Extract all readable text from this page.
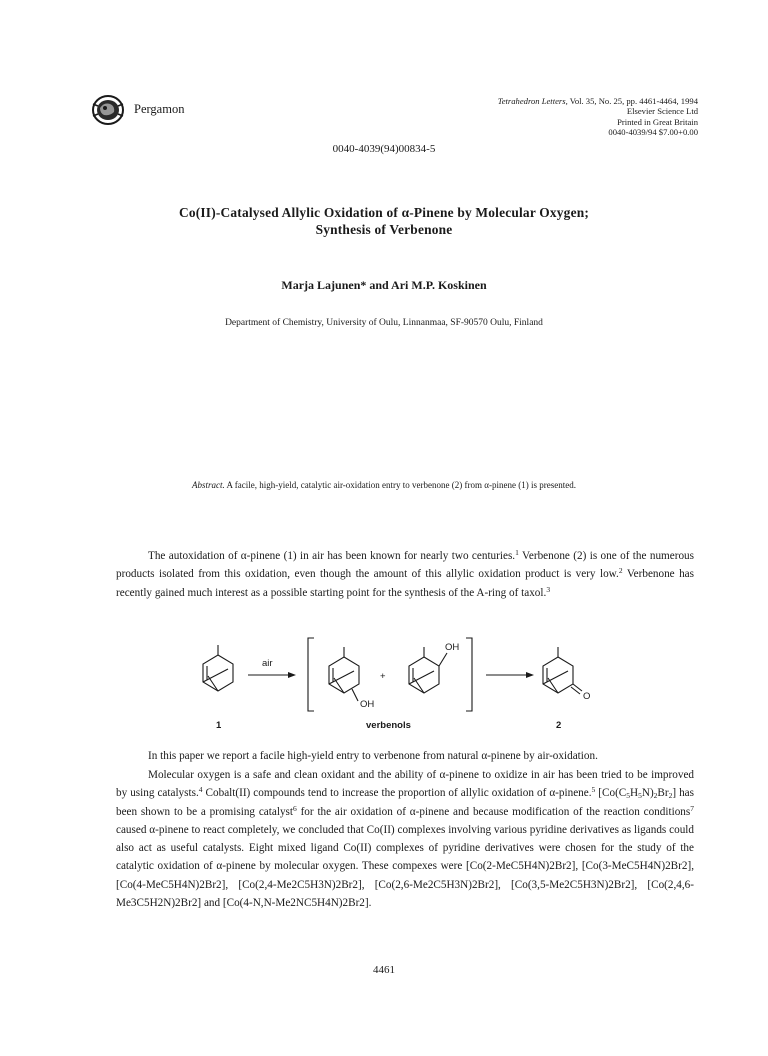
Pergamon
Tetrahedron Letters, Vol. 35, No. 25, pp. 4461-4464, 1994
Elsevier Science Ltd
Printed in Great Britain
0040-4039/94 $7.00+0.00
0040-4039(94)00834-5
Co(II)-Catalysed Allylic Oxidation of α-Pinene by Molecular Oxygen;
Synthesis of Verbenone
Marja Lajunen* and Ari M.P. Koskinen
Department of Chemistry, University of Oulu, Linnanmaa, SF-90570 Oulu, Finland
Abstract. A facile, high-yield, catalytic air-oxidation entry to verbenone (2) from α-pinene (1) is presented.
The autoxidation of α-pinene (1) in air has been known for nearly two centuries.$^1$ Verbenone (2) is one of the numerous products isolated from this oxidation, even though the amount of this allylic oxidation product is very low.$^2$ Verbenone has recently gained much interest as a possible starting point for the synthesis of the A-ring of taxol.$^3$
air
OH
+
OH
O
1	verbenols	2
In this paper we report a facile high-yield entry to verbenone from natural α-pinene by air-oxidation.
Molecular oxygen is a safe and clean oxidant and the ability of α-pinene to oxidize in air has been tried to be improved by using catalysts.$^4$ Cobalt(II) compounds tend to increase the proportion of allylic oxidation of α-pinene.$^5$ $[Co(C_5H_5N)_2Br_2]$ has been shown to be a promising catalyst$^6$ for the air oxidation of α-pinene and because modification of the reaction conditions$^7$ caused α-pinene to react completely, we concluded that Co(II) complexes involving various pyridine derivatives as ligands could also act as useful catalysts. Eight mixed ligand Co(II) complexes of pyridine derivatives were chosen for the study of the catalytic oxidation of α-pinene by molecular oxygen. These compexes were [Co(2-MeC5H4N)2Br2], [Co(3-MeC5H4N)2Br2], [Co(4-MeC5H4N)2Br2], [Co(2,4-Me2C5H3N)2Br2], [Co(2,6-Me2C5H3N)2Br2], [Co(3,5-Me2C5H3N)2Br2], [Co(2,4,6-Me3C5H2N)2Br2] and [Co(4-N,N-Me2NC5H4N)2Br2].
4461
